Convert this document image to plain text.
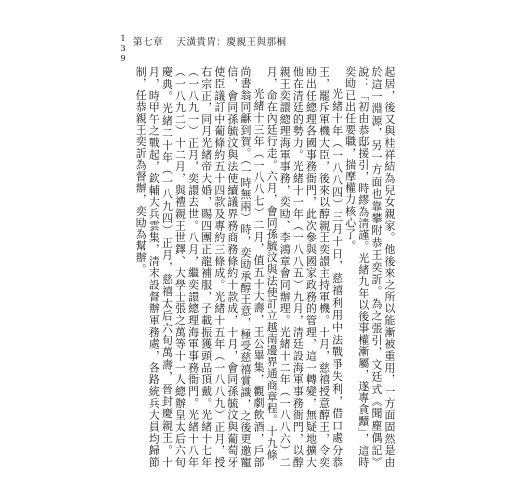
1
3
9
第七章 天潢貴胄：慶親王與那桐

起居，後又與桂祥結為兒女親家。他後來之所以能漸被重用，一方面固然是由於這一淵源，另一方面也靠攀附恭王奕訢。為之張引，文廷式《聞塵偶記》說：「初由恭邸援引，時繆為清謹。光緒九年以後事權漸屬，遂專貪黷」，這時奕劻已出任要職，揣摩權力核心了。

光緒十年（一八八四）三月十日，慈禧利用中法戰爭失利，借口處分恭王，罷斥軍機大臣，後來以醇親王奕譞主持軍機。十月，慈禧授意醇王，令奕劻出任總理各國事務衙門，此次參與國家政務的管理，這一轉變，無疑地擴大他在清廷的勢力。光緒十一年（一八八五）九月，清廷設海軍事務衙門，以醇親王奕譞總理海軍事務，奕劻、李鴻章會同辦理。光緒十二年（一八八六）二月，命在內廷行走。六月，會同孫毓汶與法使訂立越南邊界通商章程。十九條

光緒十三年（一八八七）二月，值五十大壽，王公畢集，觀劇飲酒，戶部尚書翁同龢到賀。（一時無兩）時，奕劻承醇王意，極受慈禧賞識，之後更邀寵信，會同孫毓汶與法使續議界務商務條約十款成，十月，會同孫毓汶與葡萄牙使臣議訂中葡條約五十四款及專約三條成。光緒十五年（一八八九）正月，授右宗正，同月光緒帝大婚，賜四團正龍補服，子載振獲頭品頂戴。光緒十七年（一八九一）正月，奕譞去世。八月，繼奕譞總理海軍事務衙門。光緒十八年（一八九二）十二月，與禮親王世鐸、大學士張之萬等十一人總辦皇太后六旬慶典。光緒二十年（一八九四）正月，慈禧太后六旬萬壽，晉封慶親王。十月，時甲午之戰起，欽輔大兵雲集，清末設督辦軍務處，各路統兵大員均歸節制，任恭親王奕訢為督辦，奕劻為幫辦。
